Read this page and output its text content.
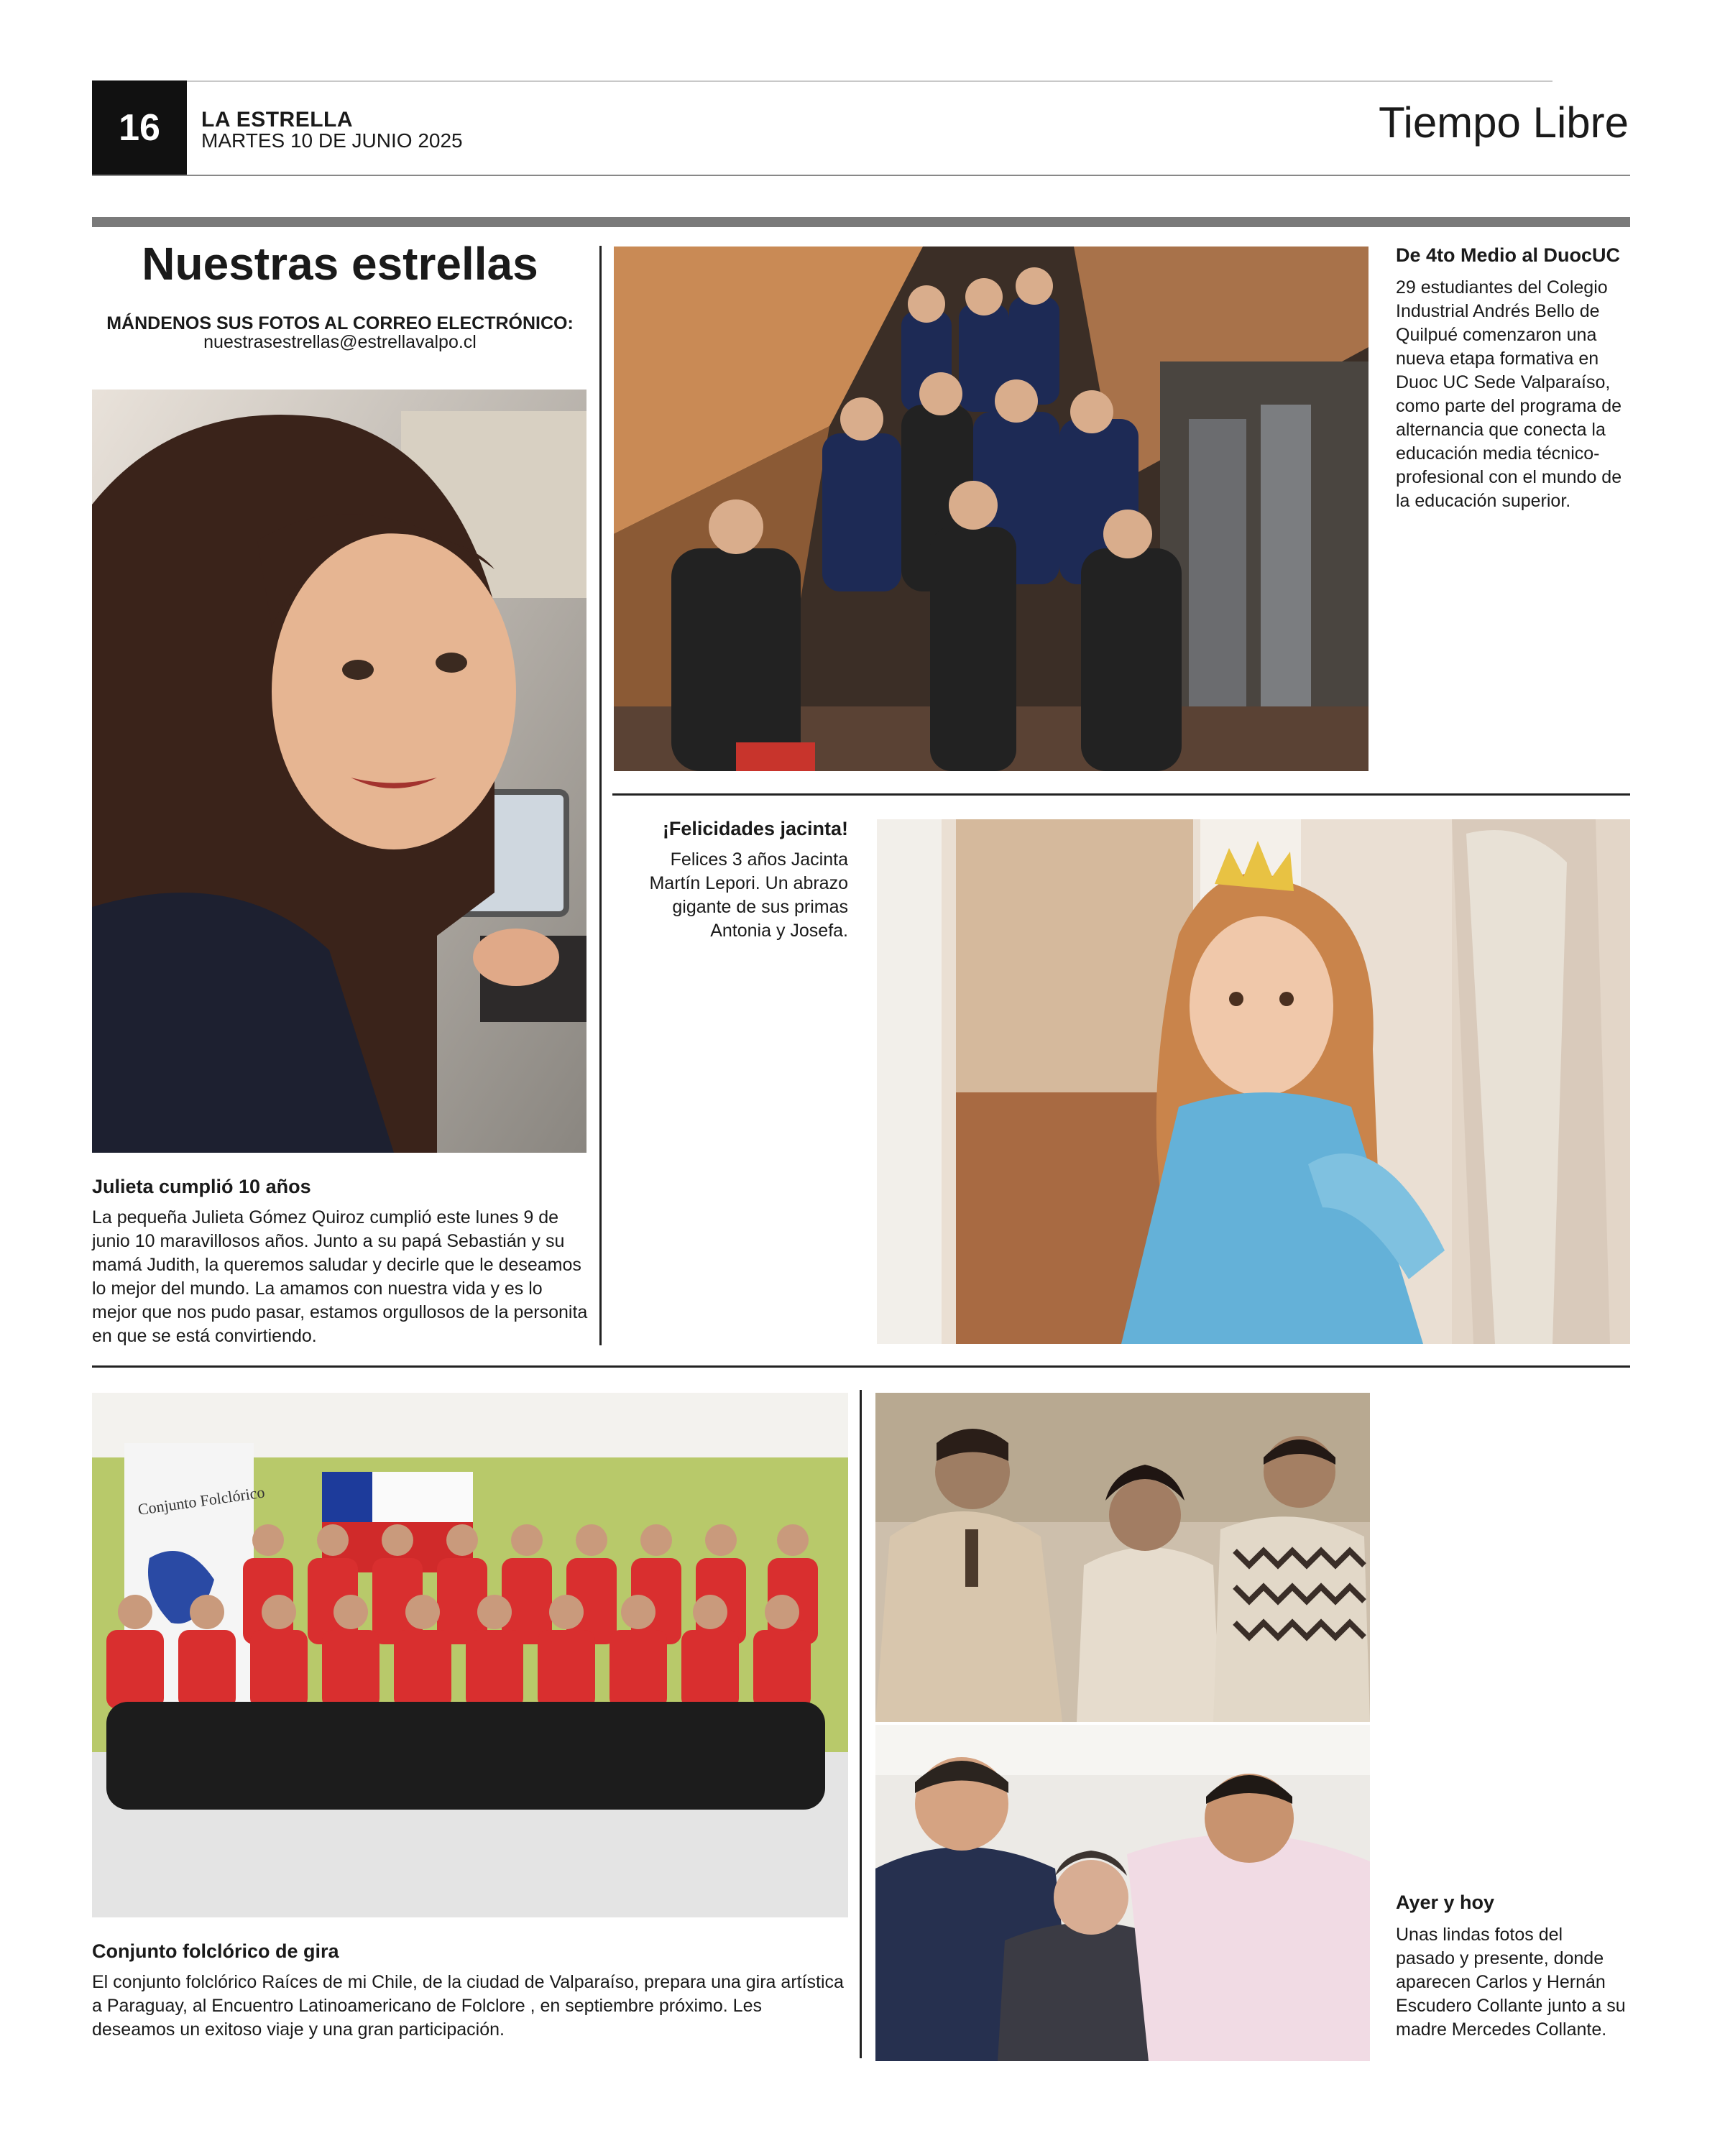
16	LA ESTRELLA
MARTES 10 DE JUNIO 2025	Tiempo Libre
Nuestras estrellas
MÁNDENOS SUS FOTOS AL CORREO ELECTRÓNICO:
nuestrasestrellas@estrellavalpo.cl
Julieta cumplió 10 años
La pequeña Julieta Gómez Quiroz cumplió este lunes 9 de junio 10 maravillosos años. Junto a su papá Sebastián y su mamá Judith, la queremos saludar y decirle que le deseamos lo mejor del mundo. La amamos con nuestra vida y es lo mejor que nos pudo pasar, estamos orgullosos de la personita en que se está convirtiendo.
De 4to Medio al DuocUC
29 estudiantes del Colegio Industrial Andrés Bello de Quilpué comenzaron una nueva etapa formativa en Duoc UC Sede Valparaíso, como parte del programa de alternancia que conecta la educación media técnico-profesional con el mundo de la educación superior.
¡Felicidades jacinta!
Felices 3 años Jacinta Martín Lepori. Un abrazo gigante de sus primas Antonia y Josefa.
Conjunto Folclórico
Conjunto folclórico de gira
El conjunto folclórico Raíces de mi Chile, de la ciudad de Valparaíso, prepara una gira artística a Paraguay, al Encuentro Latinoamericano de Folclore , en septiembre próximo. Les deseamos un exitoso viaje y una gran participación.
Ayer y hoy
Unas lindas fotos del pasado y presente, donde aparecen Carlos y Hernán Escudero Collante junto a su madre Mercedes Collante.
